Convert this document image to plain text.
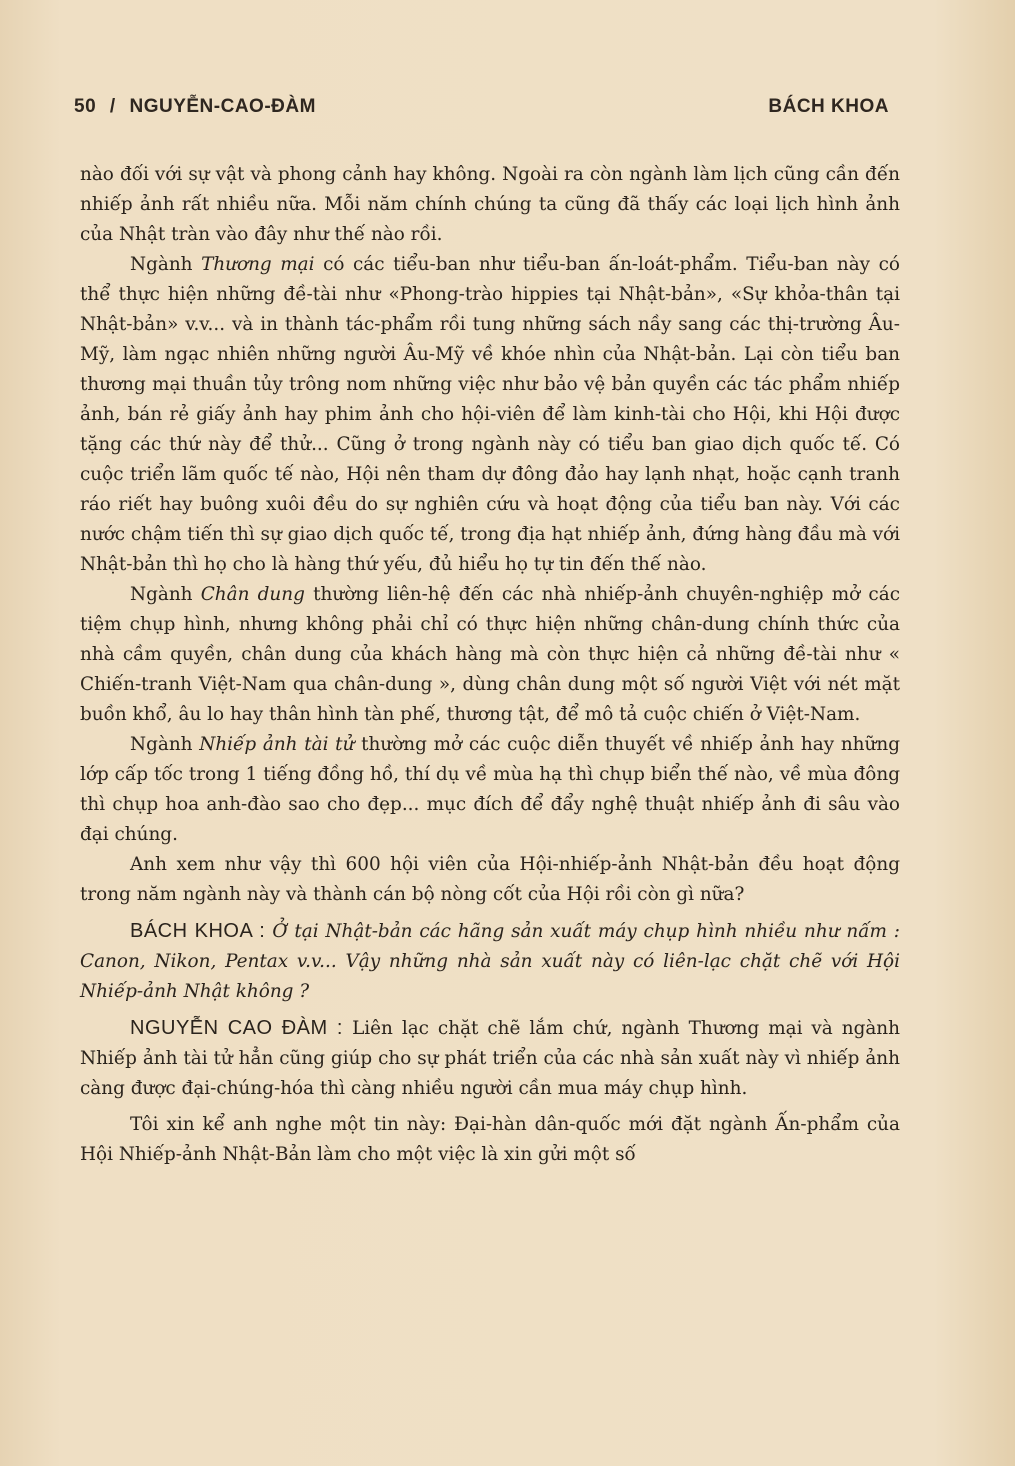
50 / NGUYỄN-CAO-ĐÀM	BÁCH KHOA

nào đối với sự vật và phong cảnh hay không. Ngoài ra còn ngành làm lịch cũng cần đến nhiếp ảnh rất nhiều nữa. Mỗi năm chính chúng ta cũng đã thấy các loại lịch hình ảnh của Nhật tràn vào đây như thế nào rồi.

Ngành Thương mại có các tiểu-ban như tiểu-ban ấn-loát-phẩm. Tiểu-ban này có thể thực hiện những đề-tài như «Phong-trào hippies tại Nhật-bản», «Sự khỏa-thân tại Nhật-bản» v.v... và in thành tác-phẩm rồi tung những sách nầy sang các thị-trường Âu-Mỹ, làm ngạc nhiên những người Âu-Mỹ về khóe nhìn của Nhật-bản. Lại còn tiểu ban thương mại thuần tủy trông nom những việc như bảo vệ bản quyền các tác phẩm nhiếp ảnh, bán rẻ giấy ảnh hay phim ảnh cho hội-viên để làm kinh-tài cho Hội, khi Hội được tặng các thứ này để thử... Cũng ở trong ngành này có tiểu ban giao dịch quốc tế. Có cuộc triển lãm quốc tế nào, Hội nên tham dự đông đảo hay lạnh nhạt, hoặc cạnh tranh ráo riết hay buông xuôi đều do sự nghiên cứu và hoạt động của tiểu ban này. Với các nước chậm tiến thì sự giao dịch quốc tế, trong địa hạt nhiếp ảnh, đứng hàng đầu mà với Nhật-bản thì họ cho là hàng thứ yếu, đủ hiểu họ tự tin đến thế nào.

Ngành Chân dung thường liên-hệ đến các nhà nhiếp-ảnh chuyên-nghiệp mở các tiệm chụp hình, nhưng không phải chỉ có thực hiện những chân-dung chính thức của nhà cầm quyền, chân dung của khách hàng mà còn thực hiện cả những đề-tài như « Chiến-tranh Việt-Nam qua chân-dung », dùng chân dung một số người Việt với nét mặt buồn khổ, âu lo hay thân hình tàn phế, thương tật, để mô tả cuộc chiến ở Việt-Nam.

Ngành Nhiếp ảnh tài tử thường mở các cuộc diễn thuyết về nhiếp ảnh hay những lớp cấp tốc trong 1 tiếng đồng hồ, thí dụ về mùa hạ thì chụp biển thế nào, về mùa đông thì chụp hoa anh-đào sao cho đẹp... mục đích để đẩy nghệ thuật nhiếp ảnh đi sâu vào đại chúng.

Anh xem như vậy thì 600 hội viên của Hội-nhiếp-ảnh Nhật-bản đều hoạt động trong năm ngành này và thành cán bộ nòng cốt của Hội rồi còn gì nữa?

BÁCH KHOA : Ở tại Nhật-bản các hãng sản xuất máy chụp hình nhiều như nấm : Canon, Nikon, Pentax v.v... Vậy những nhà sản xuất này có liên-lạc chặt chẽ với Hội Nhiếp-ảnh Nhật không ?

NGUYỄN CAO ĐÀM : Liên lạc chặt chẽ lắm chứ, ngành Thương mại và ngành Nhiếp ảnh tài tử hẳn cũng giúp cho sự phát triển của các nhà sản xuất này vì nhiếp ảnh càng được đại-chúng-hóa thì càng nhiều người cần mua máy chụp hình.

Tôi xin kể anh nghe một tin này: Đại-hàn dân-quốc mới đặt ngành Ấn-phẩm của Hội Nhiếp-ảnh Nhật-Bản làm cho một việc là xin gửi một số
